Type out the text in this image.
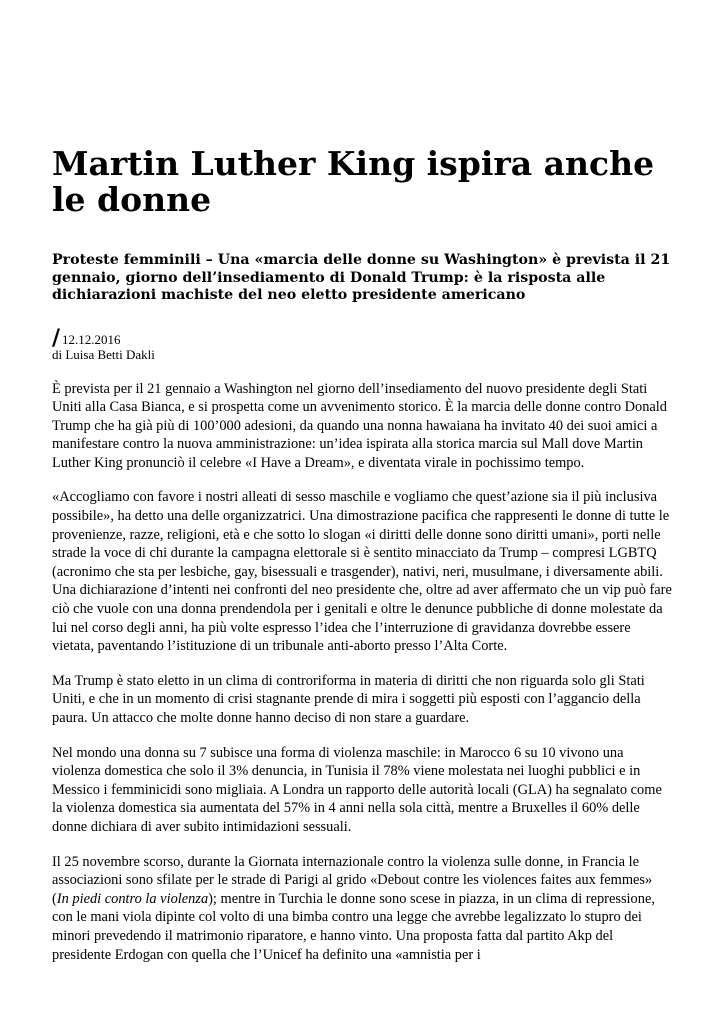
Martin Luther King ispira anche le donne

Proteste femminili – Una «marcia delle donne su Washington» è prevista il 21 gennaio, giorno dell’insediamento di Donald Trump: è la risposta alle dichiarazioni machiste del neo eletto presidente americano

/ 12.12.2016
di Luisa Betti Dakli

È prevista per il 21 gennaio a Washington nel giorno dell’insediamento del nuovo presidente degli Stati Uniti alla Casa Bianca, e si prospetta come un avvenimento storico. È la marcia delle donne contro Donald Trump che ha già più di 100’000 adesioni, da quando una nonna hawaiana ha invitato 40 dei suoi amici a manifestare contro la nuova amministrazione: un’idea ispirata alla storica marcia sul Mall dove Martin Luther King pronunciò il celebre «I Have a Dream», e diventata virale in pochissimo tempo.

«Accogliamo con favore i nostri alleati di sesso maschile e vogliamo che quest’azione sia il più inclusiva possibile», ha detto una delle organizzatrici. Una dimostrazione pacifica che rappresenti le donne di tutte le provenienze, razze, religioni, età e che sotto lo slogan «i diritti delle donne sono diritti umani», porti nelle strade la voce di chi durante la campagna elettorale si è sentito minacciato da Trump – compresi LGBTQ (acronimo che sta per lesbiche, gay, bisessuali e trasgender), nativi, neri, musulmane, i diversamente abili. Una dichiarazione d’intenti nei confronti del neo presidente che, oltre ad aver affermato che un vip può fare ciò che vuole con una donna prendendola per i genitali e oltre le denunce pubbliche di donne molestate da lui nel corso degli anni, ha più volte espresso l’idea che l’interruzione di gravidanza dovrebbe essere vietata, paventando l’istituzione di un tribunale anti-aborto presso l’Alta Corte.

Ma Trump è stato eletto in un clima di controriforma in materia di diritti che non riguarda solo gli Stati Uniti, e che in un momento di crisi stagnante prende di mira i soggetti più esposti con l’aggancio della paura. Un attacco che molte donne hanno deciso di non stare a guardare.

Nel mondo una donna su 7 subisce una forma di violenza maschile: in Marocco 6 su 10 vivono una violenza domestica che solo il 3% denuncia, in Tunisia il 78% viene molestata nei luoghi pubblici e in Messico i femminicidi sono migliaia. A Londra un rapporto delle autorità locali (GLA) ha segnalato come la violenza domestica sia aumentata del 57% in 4 anni nella sola città, mentre a Bruxelles il 60% delle donne dichiara di aver subito intimidazioni sessuali.

Il 25 novembre scorso, durante la Giornata internazionale contro la violenza sulle donne, in Francia le associazioni sono sfilate per le strade di Parigi al grido «Debout contre les violences faites aux femmes» (In piedi contro la violenza); mentre in Turchia le donne sono scese in piazza, in un clima di repressione, con le mani viola dipinte col volto di una bimba contro una legge che avrebbe legalizzato lo stupro dei minori prevedendo il matrimonio riparatore, e hanno vinto. Una proposta fatta dal partito Akp del presidente Erdogan con quella che l’Unicef ha definito una «amnistia per i
